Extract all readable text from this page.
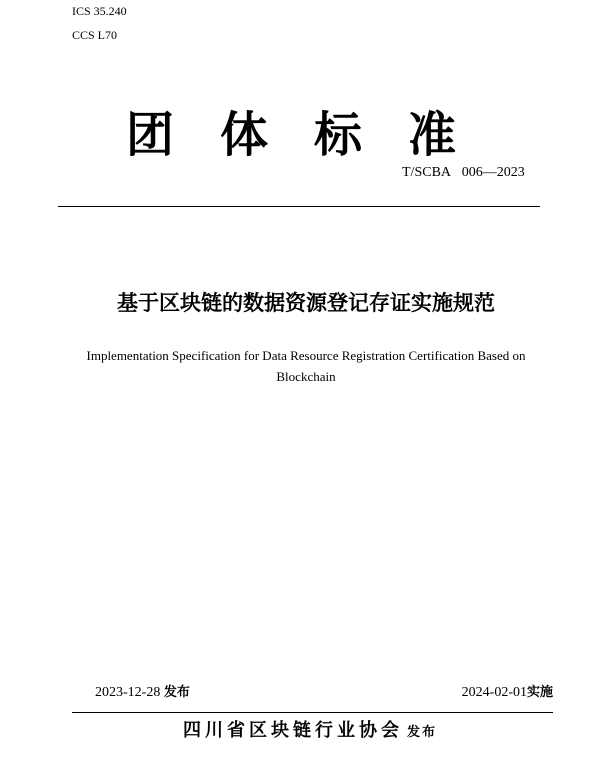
ICS 35.240
CCS L70
团体标准
T/SCBA 006—2023
基于区块链的数据资源登记存证实施规范
Implementation Specification for Data Resource Registration Certification Based on Blockchain
2023-12-28 发布	2024-02-01实施
四川省区块链行业协会 发布
